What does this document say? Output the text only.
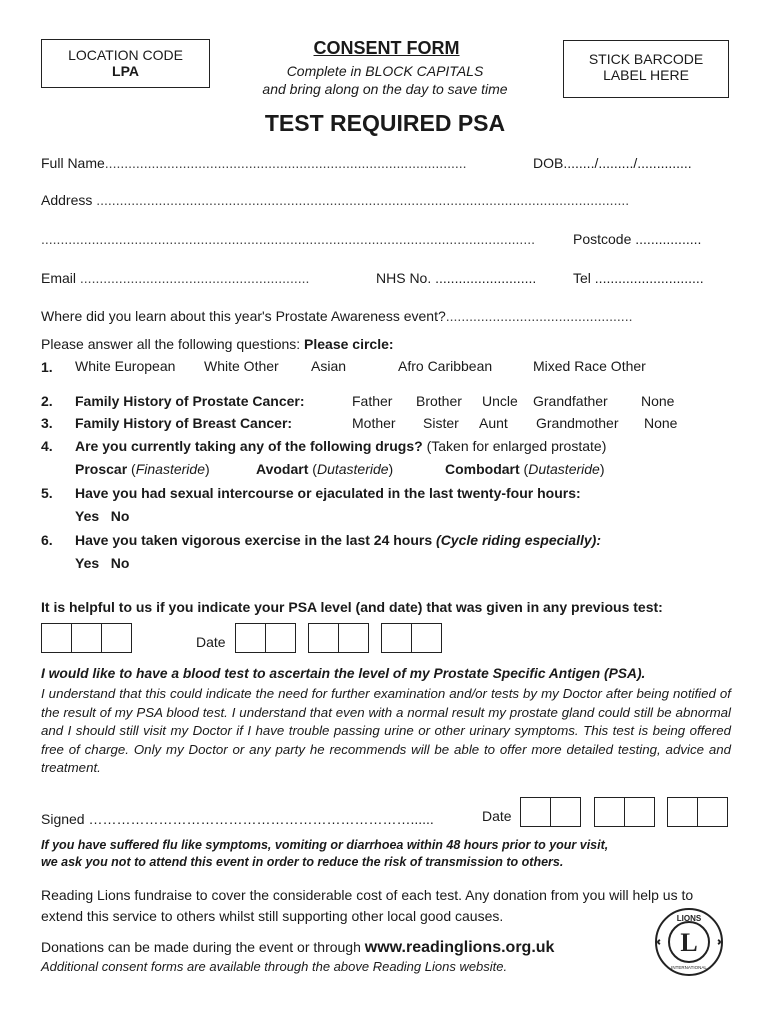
LOCATION CODE
LPA
CONSENT FORM
Complete in BLOCK CAPITALS
and bring along on the day to save time
STICK BARCODE
LABEL HERE
TEST REQUIRED PSA
Full Name.............................................................................................	DOB......../........./..............
Address .........................................................................................................................................
...............................................................................................................................	Postcode .................
Email ...........................................................	NHS No. ..........................	Tel ............................
Where did you learn about this year's Prostate Awareness event?................................................
Please answer all the following questions: Please circle:
1. White European White Other Asian	Afro Caribbean	Mixed Race Other
2. Family History of Prostate Cancer:	Father Brother Uncle Grandfather None
3. Family History of Breast Cancer:	Mother Sister Aunt Grandmother None
4. Are you currently taking any of the following drugs? (Taken for enlarged prostate)
Proscar (Finasteride)	Avodart (Dutasteride)	Combodart (Dutasteride)
5. Have you had sexual intercourse or ejaculated in the last twenty-four hours:
Yes   No
6. Have you taken vigorous exercise in the last 24 hours (Cycle riding especially):
Yes   No
It is helpful to us if you indicate your PSA level (and date) that was given in any previous test:
Date
I would like to have a blood test to ascertain the level of my Prostate Specific Antigen (PSA).
I understand that this could indicate the need for further examination and/or tests by my Doctor after being notified of the result of my PSA blood test. I understand that even with a normal result my prostate gland could still be abnormal and I should still visit my Doctor if I have trouble passing urine or other urinary symptoms. This test is being offered free of charge. Only my Doctor or any party he recommends will be able to offer more detailed testing, advice and treatment.
Signed ……………………………………………………………......	Date
If you have suffered flu like symptoms, vomiting or diarrhoea within 48 hours prior to your visit,
we ask you not to attend this event in order to reduce the risk of transmission to others.
Reading Lions fundraise to cover the considerable cost of each test. Any donation from you will help us to extend this service to others whilst still supporting other local good causes.
Donations can be made during the event or through www.readinglions.org.uk
Additional consent forms are available through the above Reading Lions website.
LIONS
INTERNATIONAL
L
